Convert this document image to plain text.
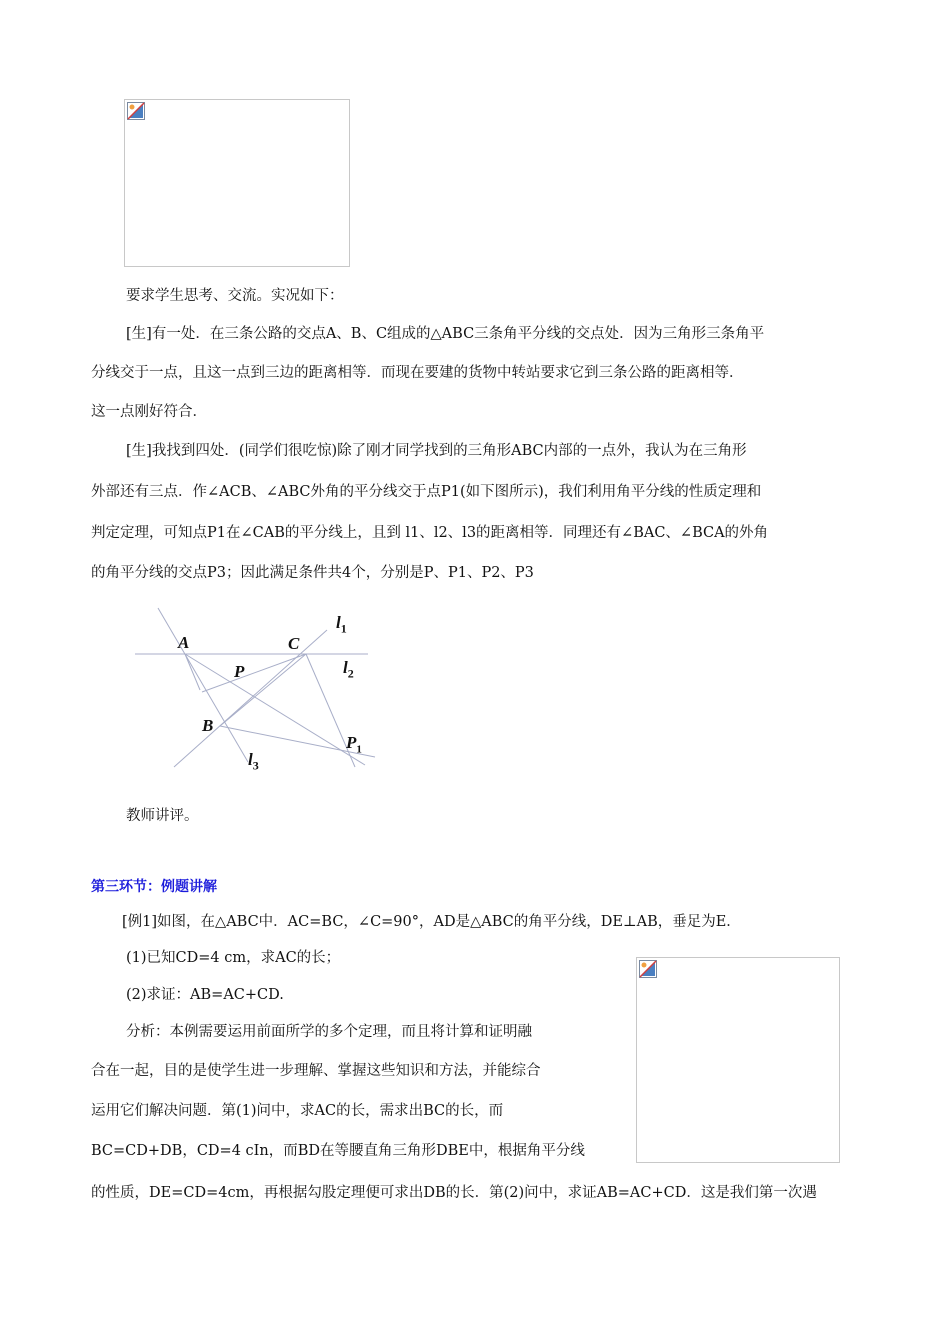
要求学生思考、交流。实况如下：
[生]有一处．在三条公路的交点A、B、C组成的△ABC三条角平分线的交点处．因为三角形三条角平
分线交于一点，且这一点到三边的距离相等．而现在要建的货物中转站要求它到三条公路的距离相等．
这一点刚好符合．
[生]我找到四处．(同学们很吃惊)除了刚才同学找到的三角形ABC内部的一点外，我认为在三角形
外部还有三点．作∠ACB、∠ABC外角的平分线交于点P1(如下图所示)，我们利用角平分线的性质定理和
判定定理，可知点P1在∠CAB的平分线上，且到 l1、l2、l3的距离相等．同理还有∠BAC、∠BCA的外角
的角平分线的交点P3；因此满足条件共4个，分别是P、P1、P2、P3
A	C
P
B
$P_1$
$l_1$
$l_2$
$l_3$
教师讲评。
第三环节：例题讲解
[例1]如图，在△ABC中．AC=BC，∠C=90°，AD是△ABC的角平分线，DE⊥AB，垂足为E．
(1)已知CD=4 cm，求AC的长；
(2)求证：AB=AC+CD.
分析：本例需要运用前面所学的多个定理，而且将计算和证明融
合在一起，目的是使学生进一步理解、掌握这些知识和方法，并能综合
运用它们解决问题．第(1)问中，求AC的长，需求出BC的长，而
BC=CD+DB，CD=4 cIn，而BD在等腰直角三角形DBE中，根据角平分线
的性质，DE=CD=4cm，再根据勾股定理便可求出DB的长．第(2)问中，求证AB=AC+CD．这是我们第一次遇
